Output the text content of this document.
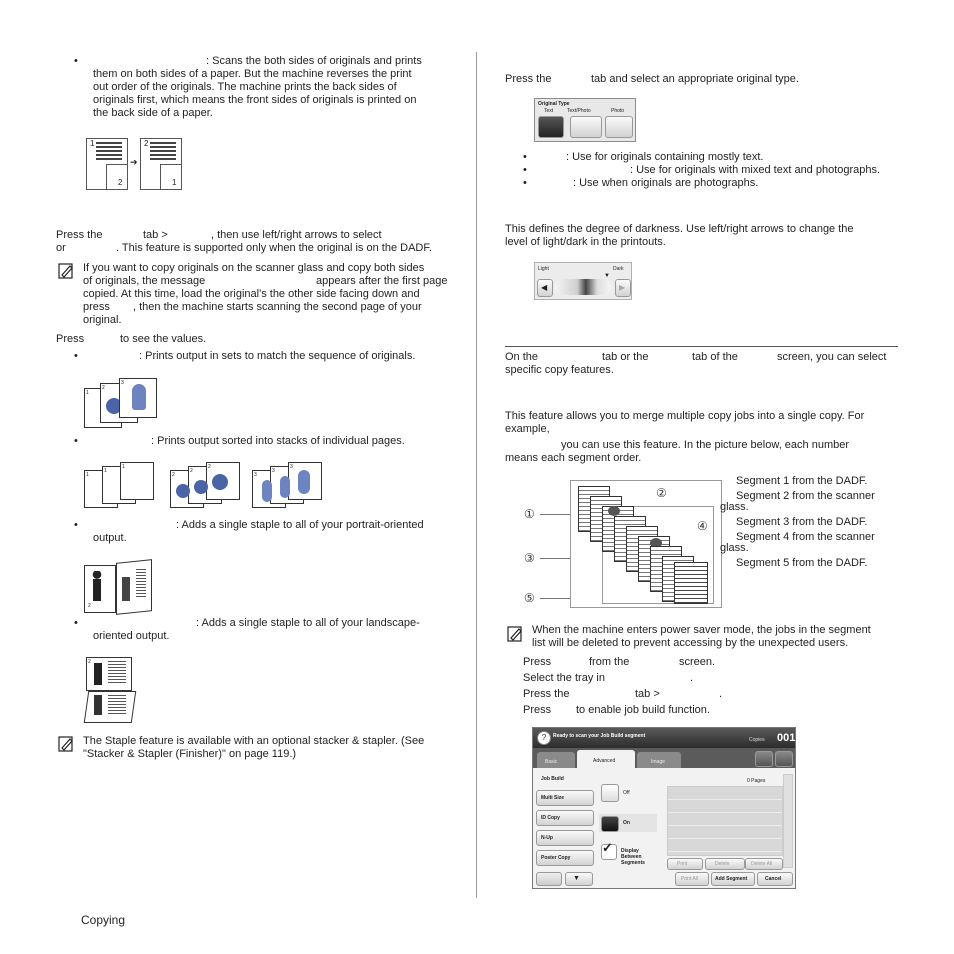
•	: Scans the both sides of originals and prints
them on both sides of a paper. But the machine reverses the print
out order of the originals. The machine prints the back sides of
originals first, which means the front sides of originals is printed on
the back side of a paper.
1
2
➔
2
1
Press the	tab >	, then use left/right arrows to select
or	. This feature is supported only when the original is on the DADF.
If you want to copy originals on the scanner glass and copy both sides
of originals, the message	appears after the first page
copied. At this time, load the original's the other side facing down and
press , then the machine starts scanning the second page of your
original.
Press	to see the values.
•	: Prints output in sets to match the sequence of originals.
1
2
3
•	: Prints output sorted into stacks of individual pages.
1
1
1
2
2
2
3
3
3
•	: Adds a single staple to all of your portrait-oriented
output.
2
•	: Adds a single staple to all of your landscape-
oriented output.
2
The Staple feature is available with an optional stacker & stapler. (See
"Stacker & Stapler (Finisher)" on page 119.)
Press the	tab and select an appropriate original type.
Original Type
Text	Text/Photo	Photo
•	: Use for originals containing mostly text.
•	: Use for originals with mixed text and photographs.
•	: Use when originals are photographs.
This defines the degree of darkness. Use left/right arrows to change the
level of light/dark in the printouts.
Light	Dark
▼
◀	▶
On the	tab or the	tab of the	screen, you can select
specific copy features.
This feature allows you to merge multiple copy jobs into a single copy. For
example,
you can use this feature. In the picture below, each number
means each segment order.
①
②
③
④
⑤
Segment 1 from the DADF.
Segment 2 from the scanner
glass.
Segment 3 from the DADF.
Segment 4 from the scanner
glass.
Segment 5 from the DADF.
When the machine enters power saver mode, the jobs in the segment
list will be deleted to prevent accessing by the unexpected users.
Press	from the	screen.
Select the tray in	.
Press the	tab >	.
Press to enable job build function.
?	Ready to scan your Job Build segment
Copies 001
Basic	Advanced	Image
Job Build
Multi Size
ID Copy
N-Up
Poster Copy
▼
Off
On
✓ Display Between Segments
0 Pages
Print	Delete	Delete All
Print All	Add Segment	Cancel
Copying
